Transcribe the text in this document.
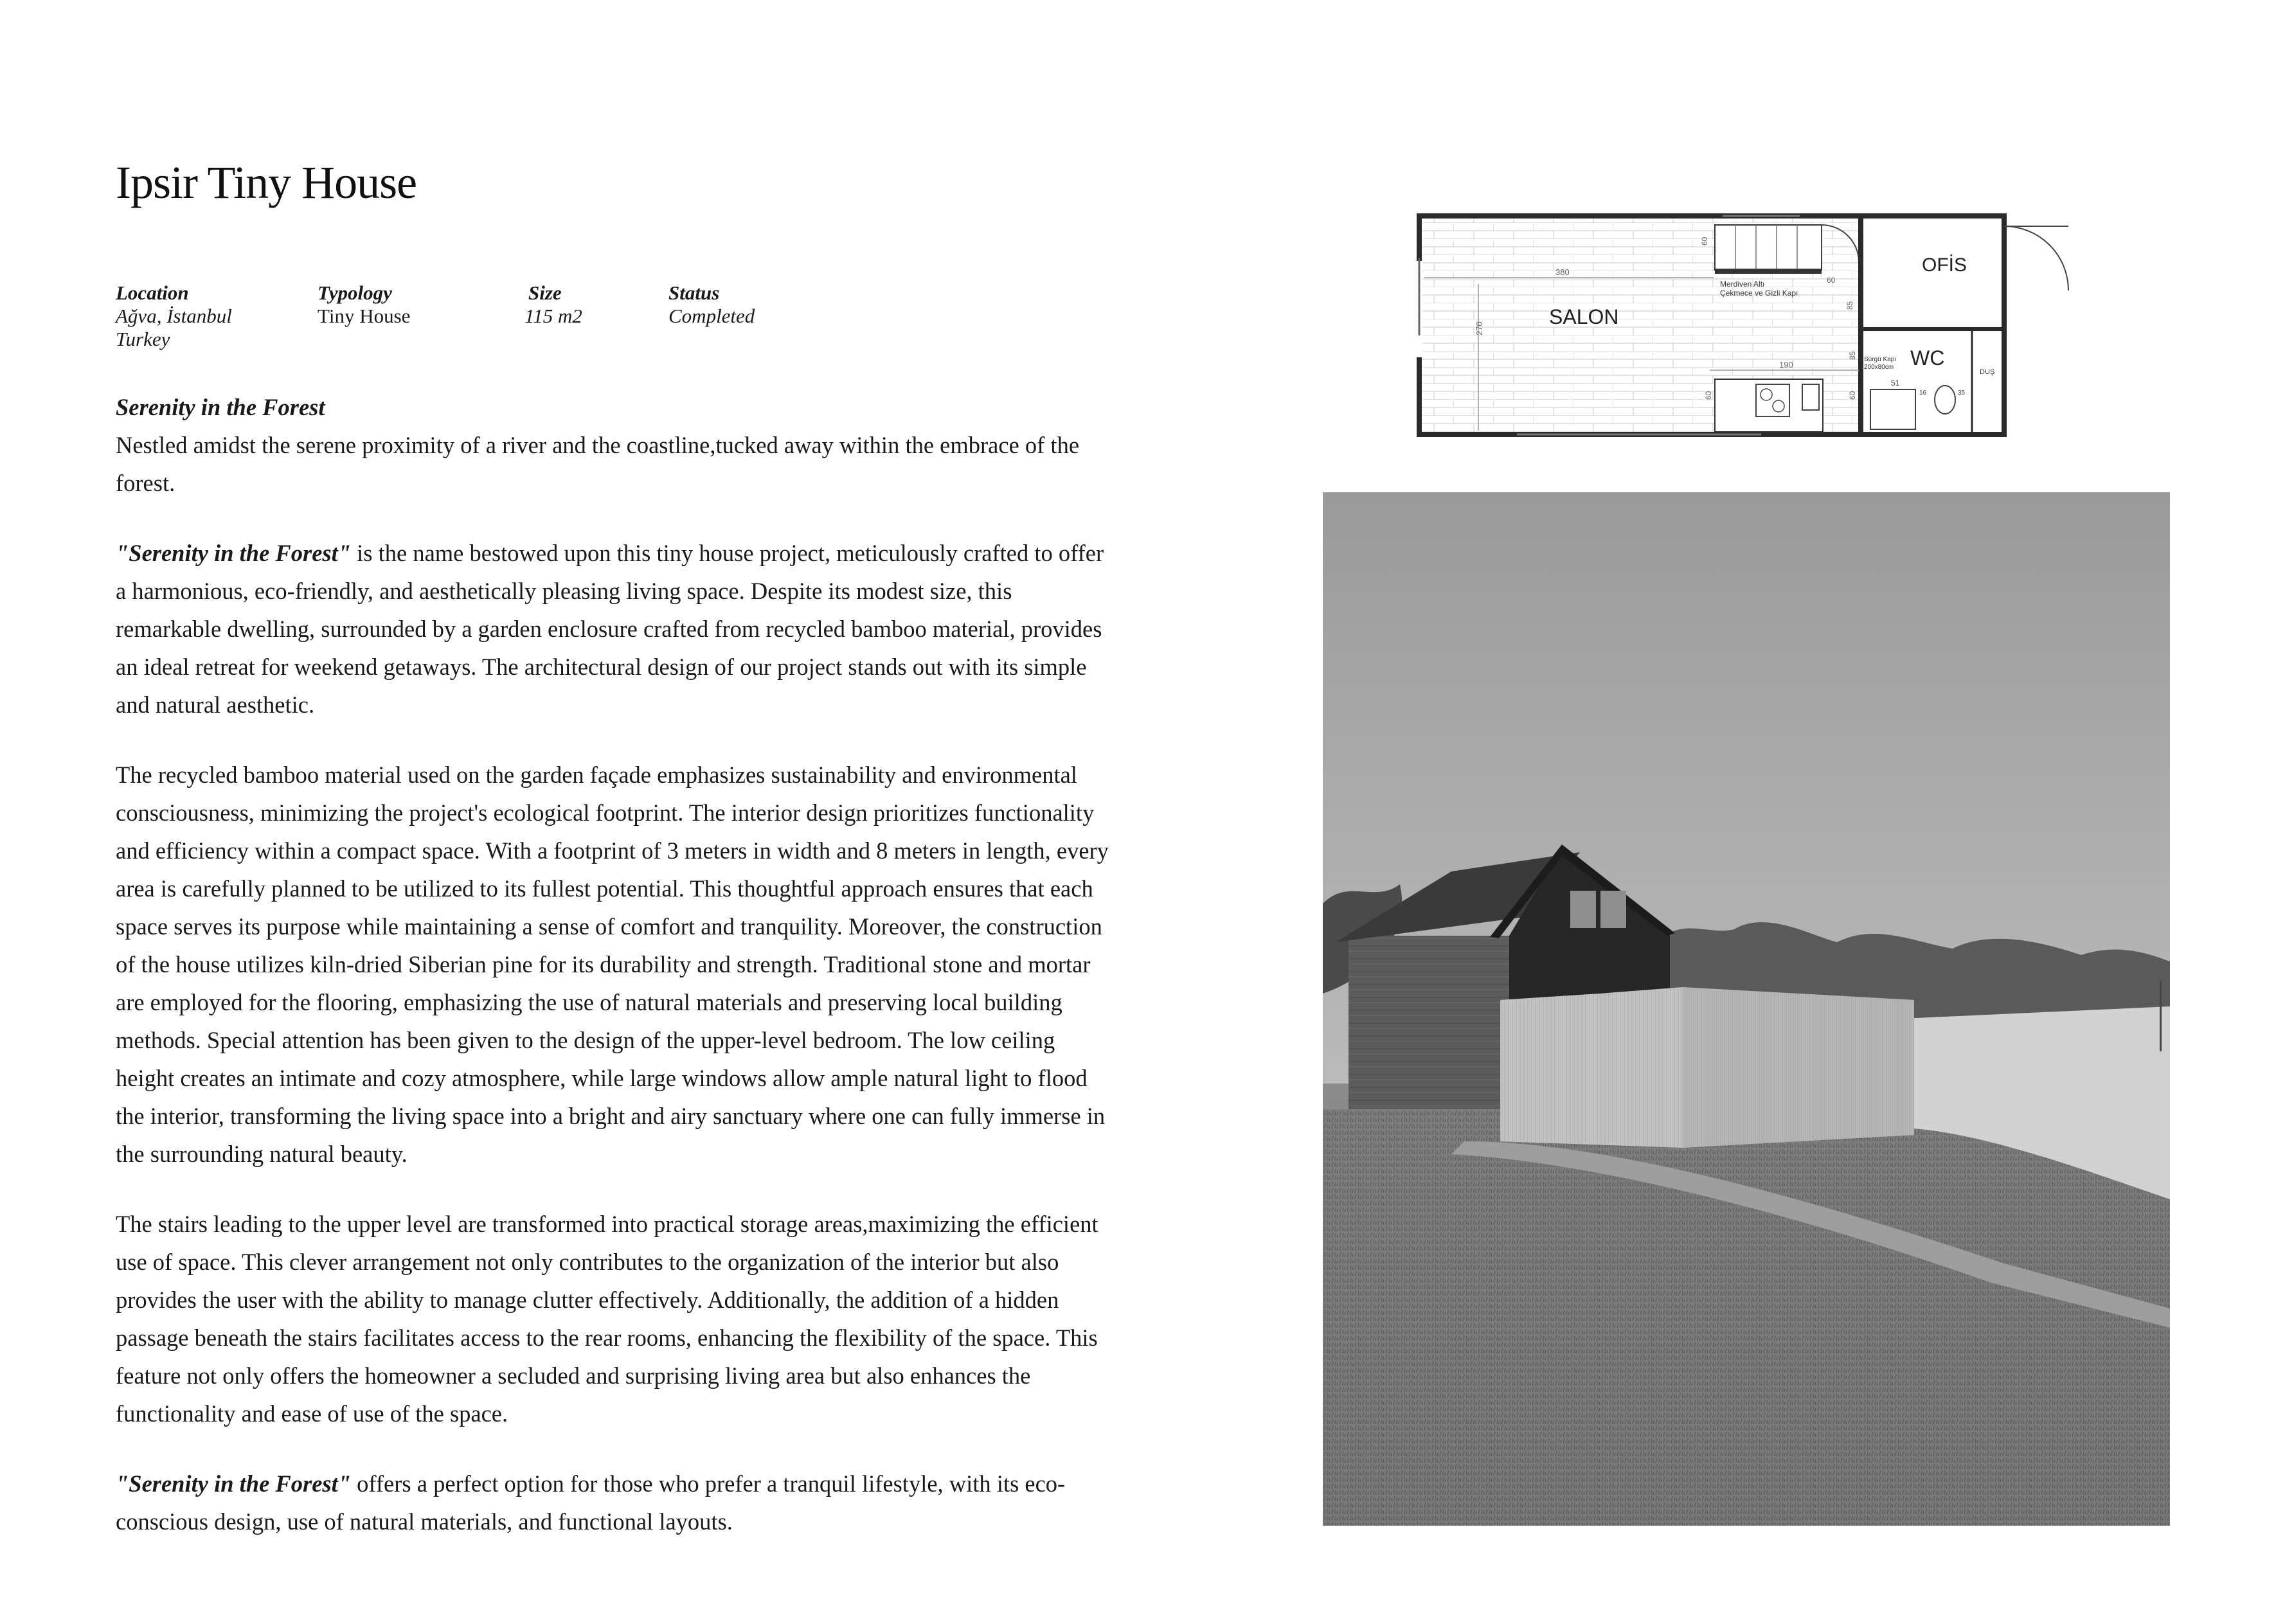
Ipsir Tiny House
Location
Ağva, İstanbul
Turkey
Typology
Tiny House
Size
115 m2
Status
Completed

Serenity in the Forest
Nestled amidst the serene proximity of a river and the coastline,tucked away within the embrace of the forest.

"Serenity in the Forest" is the name bestowed upon this tiny house project, meticulously crafted to offer a harmonious, eco-friendly, and aesthetically pleasing living space. Despite its modest size, this remarkable dwelling, surrounded by a garden enclosure crafted from recycled bamboo material, provides an ideal retreat for weekend getaways. The architectural design of our project stands out with its simple and natural aesthetic.

The recycled bamboo material used on the garden façade emphasizes sustainability and environmental consciousness, minimizing the project's ecological footprint. The interior design prioritizes functionality and efficiency within a compact space. With a footprint of 3 meters in width and 8 meters in length, every area is carefully planned to be utilized to its fullest potential. This thoughtful approach ensures that each space serves its purpose while maintaining a sense of comfort and tranquility. Moreover, the construction of the house utilizes kiln-dried Siberian pine for its durability and strength. Traditional stone and mortar are employed for the flooring, emphasizing the use of natural materials and preserving local building methods. Special attention has been given to the design of the upper-level bedroom. The low ceiling height creates an intimate and cozy atmosphere, while large windows allow ample natural light to flood the interior, transforming the living space into a bright and airy sanctuary where one can fully immerse in the surrounding natural beauty.

The stairs leading to the upper level are transformed into practical storage areas,maximizing the efficient use of space. This clever arrangement not only contributes to the organization of the interior but also provides the user with the ability to manage clutter effectively. Additionally, the addition of a hidden passage beneath the stairs facilitates access to the rear rooms, enhancing the flexibility of the space. This feature not only offers the homeowner a secluded and surprising living area but also enhances the functionality and ease of use of the space.

"Serenity in the Forest" offers a perfect option for those who prefer a tranquil lifestyle, with its eco-conscious design, use of natural materials, and functional layouts.

SALON
OFİS
WC
DUŞ
Merdiven Altı
Çekmece ve Gizli Kapı
Sürgü Kapı
200x80cm
380
270
190
60
60
60	60
85
85
51
16	35
